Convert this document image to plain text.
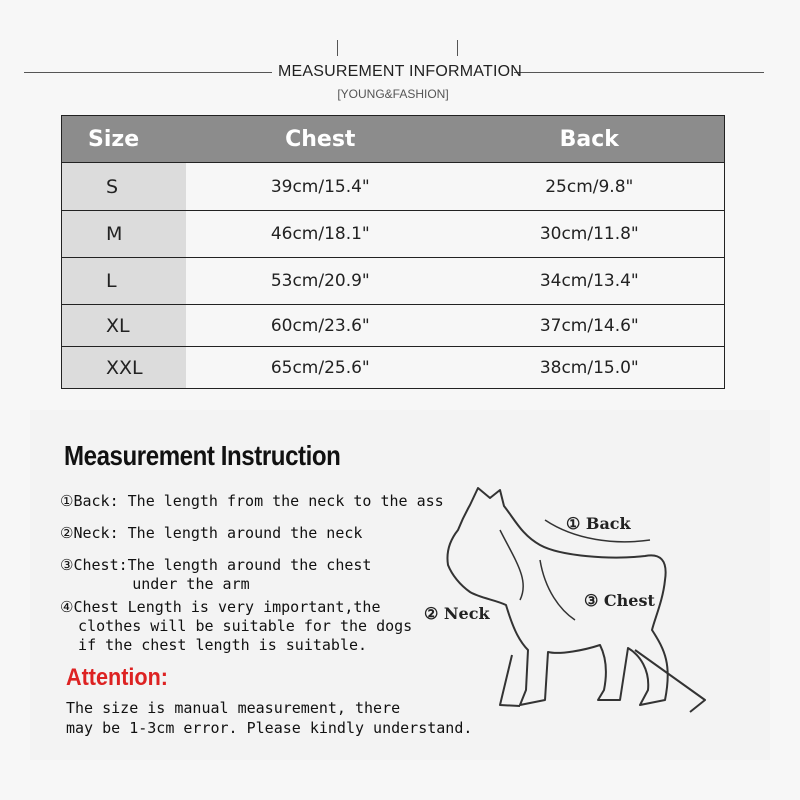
MEASUREMENT INFORMATION
[YOUNG&FASHION]
Size	Chest	Back
S	39cm/15.4"	25cm/9.8"
M	46cm/18.1"	30cm/11.8"
L	53cm/20.9"	34cm/13.4"
XL	60cm/23.6"	37cm/14.6"
XXL	65cm/25.6"	38cm/15.0"
Measurement Instruction
①Back: The length from the neck to the ass
②Neck: The length around the neck
③Chest:The length around the chest
under the arm
④Chest Length is very important,the
clothes will be suitable for the dogs
if the chest length is suitable.
Attention:
The size is manual measurement, there
may be 1-3cm error. Please kindly understand.
① Back
③ Chest
② Neck
